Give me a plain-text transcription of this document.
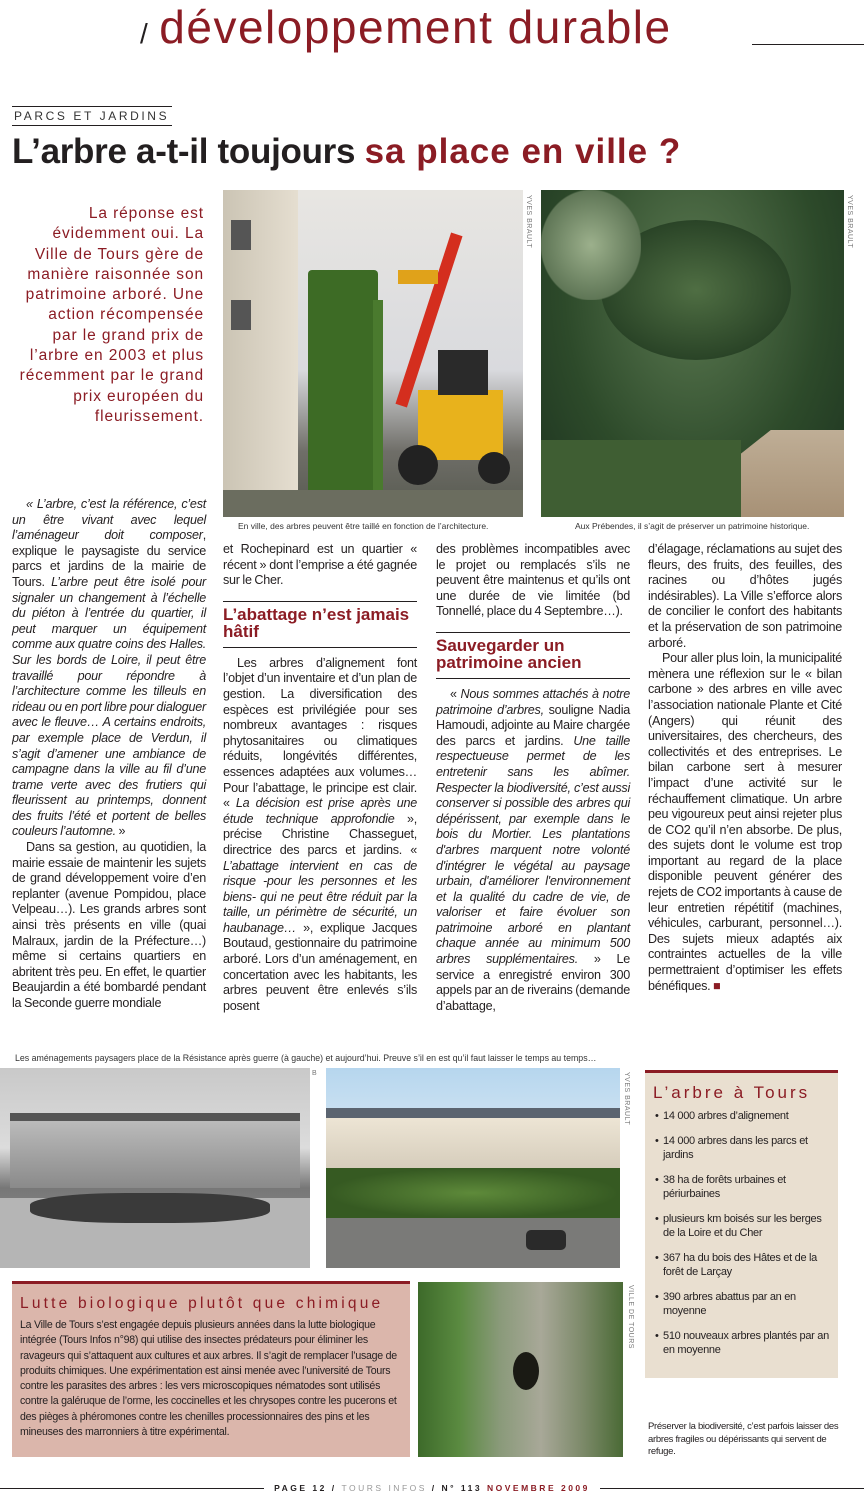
/ développement durable
PARCS ET JARDINS
L’arbre a-t-il toujours sa place en ville ?
La réponse est évidemment oui. La Ville de Tours gère de manière raisonnée son patrimoine arboré. Une action récompensée par le grand prix de l’arbre en 2003 et plus récemment par le grand prix européen du fleurissement.
YVES BRAULT	YVES BRAULT
En ville, des arbres peuvent être taillé en fonction de l’architecture.	Aux Prébendes, il s’agit de préserver un patrimoine historique.

« L’arbre, c’est la référence, c’est un être vivant avec lequel l’aménageur doit composer, explique le paysagiste du service parcs et jardins de la mairie de Tours. L’arbre peut être isolé pour signaler un changement à l’échelle du piéton à l’entrée du quartier, il peut marquer un équipement comme aux quatre coins des Halles. Sur les bords de Loire, il peut être travaillé pour répondre à l’architecture comme les tilleuls en rideau ou en port libre pour dialoguer avec le fleuve… A certains endroits, par exemple place de Verdun, il s’agit d’amener une ambiance de campagne dans la ville au fil d’une trame verte avec des frutiers qui fleurissent au printemps, donnent des fruits l’été et portent de belles couleurs l’automne. »

Dans sa gestion, au quotidien, la mairie essaie de maintenir les sujets de grand développement voire d’en replanter (avenue Pompidou, place Velpeau…). Les grands arbres sont ainsi très présents en ville (quai Malraux, jardin de la Préfecture…) même si certains quartiers en abritent très peu. En effet, le quartier Beaujardin a été bombardé pendant la Seconde guerre mondiale

et Rochepinard est un quartier « récent » dont l’emprise a été gagnée sur le Cher.

L’abattage n’est jamais hâtif

Les arbres d’alignement font l’objet d’un inventaire et d’un plan de gestion. La diversification des espèces est privilégiée pour ses nombreux avantages : risques phytosanitaires ou climatiques réduits, longévités différentes, essences adaptées aux volumes… Pour l’abattage, le principe est clair. « La décision est prise après une étude technique approfondie », précise Christine Chasseguet, directrice des parcs et jardins. « L’abattage intervient en cas de risque -pour les personnes et les biens- qui ne peut être réduit par la taille, un périmètre de sécurité, un haubanage… », explique Jacques Boutaud, gestionnaire du patrimoine arboré. Lors d’un aménagement, en concertation avec les habitants, les arbres peuvent être enlevés s’ils posent

des problèmes incompatibles avec le projet ou remplacés s’ils ne peuvent être maintenus et qu’ils ont une durée de vie limitée (bd Tonnellé, place du 4 Septembre…).

Sauvegarder un patrimoine ancien

« Nous sommes attachés à notre patrimoine d’arbres, souligne Nadia Hamoudi, adjointe au Maire chargée des parcs et jardins. Une taille respectueuse permet de les entretenir sans les abîmer. Respecter la biodiversité, c’est aussi conserver si possible des arbres qui dépérissent, par exemple dans le bois du Mortier. Les plantations d'arbres marquent notre volonté d'intégrer le végétal au paysage urbain, d'améliorer l'environnement et la qualité du cadre de vie, de valoriser et faire évoluer son patrimoine arboré en plantant chaque année au minimum 500 arbres supplémentaires. » Le service a enregistré environ 300 appels par an de riverains (demande d’abattage,

d’élagage, réclamations au sujet des fleurs, des fruits, des feuilles, des racines ou d’hôtes jugés indésirables). La Ville s’efforce alors de concilier le confort des habitants et la préservation de son patrimoine arboré.

Pour aller plus loin, la municipalité mènera une réflexion sur le « bilan carbone » des arbres en ville avec l’association nationale Plante et Cité (Angers) qui réunit des universitaires, des chercheurs, des collectivités et des entreprises. Le bilan carbone sert à mesurer l’impact d’une activité sur le réchauffement climatique. Un arbre peu vigoureux peut ainsi rejeter plus de CO2 qu’il n’en absorbe. De plus, des sujets dont le volume est trop important au regard de la place disponible peuvent générer des rejets de CO2 importants à cause de leur entretien répétitif (machines, véhicules, carburant, personnel…). Des sujets mieux adaptés aix contraintes actuelles de la ville permettraient d’optimiser les effets bénéfiques. ■

Les aménagements paysagers place de la Résistance après guerre (à gauche) et aujourd’hui. Preuve s’il en est qu’il faut laisser le temps au temps…
B	YVES BRAULT L’arbre à Tours
• 14 000 arbres d’alignement
• 14 000 arbres dans les parcs et jardins
• 38 ha de forêts urbaines et périurbaines
• plusieurs km boisés sur les berges de la Loire et du Cher
• 367 ha du bois des Hâtes et de la forêt de Larçay
• 390 arbres abattus par an en moyenne
• 510 nouveaux arbres plantés par an en moyenne
Lutte biologique plutôt que chimique

La Ville de Tours s’est engagée depuis plusieurs années dans la lutte biologique intégrée (Tours Infos n°98) qui utilise des insectes prédateurs pour éliminer les ravageurs qui s’attaquent aux cultures et aux arbres. Il s’agit de remplacer l’usage de produits chimiques. Une expérimentation est ainsi menée avec l’université de Tours contre les parasites des arbres : les vers microscopiques nématodes sont utilisés contre la galéruque de l’orme, les coccinelles et les chrysopes contre les pucerons et des pièges à phéromones contre les chenilles processionnaires des pins et les mineuses des marronniers à titre expérimental.

VILLE DE TOURS
Préserver la biodiversité, c’est parfois laisser des arbres fragiles ou dépérissants qui servent de refuge.
PAGE 12 / TOURS INFOS / N° 113 NOVEMBRE 2009
